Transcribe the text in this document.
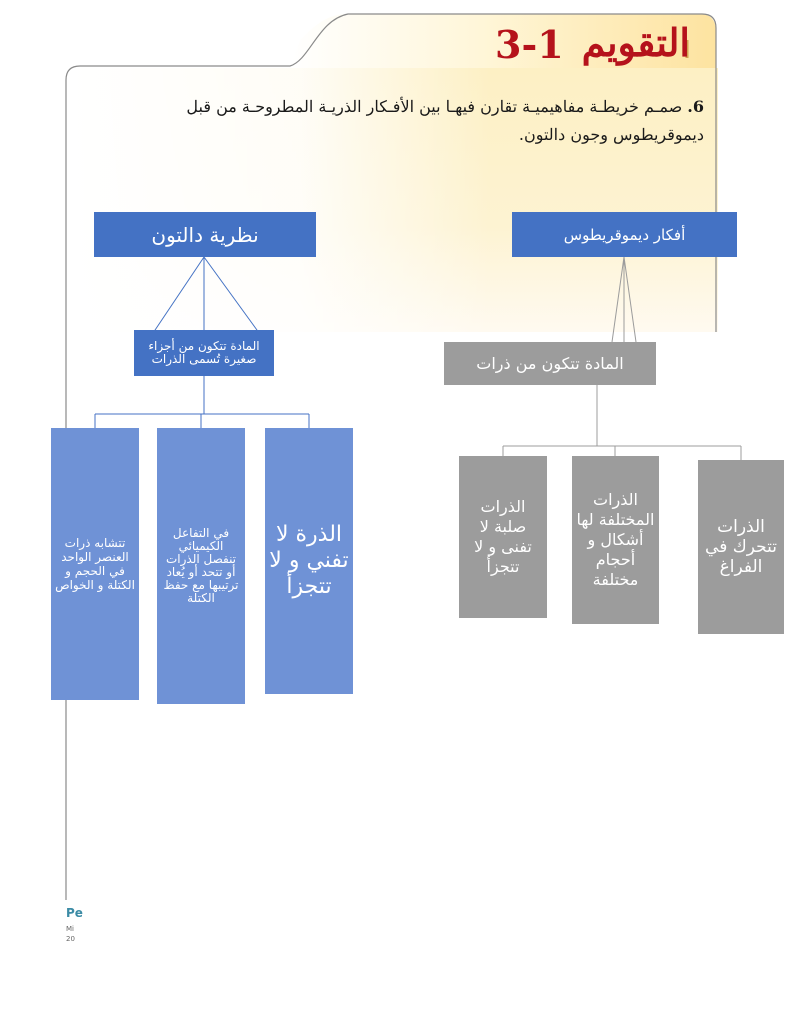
التقويم
3-1
6. صمـم خريطـة مفاهيميـة تقارن فيهـا بين الأفـكار الذريـة المطروحـة من قبل ديموقريطوس وجون دالتون.
نظرية دالتون
المادة تتكون من أجزاء صغيرة تُسمى الذرات
تتشابه ذرات العنصر الواحد في الحجم و الكتلة و الخواص
في التفاعل الكيميائي تنفصل الذرات أو تتحد أو يُعاد ترتيبها مع حفظ الكتلة
الذرة لا تفني و لا تتجزأ
أفكار ديموقريطوس
المادة تتكون من ذرات
الذرات صلبة لا تفنى و لا تتجزأ
الذرات المختلفة لها أشكال و أحجام مختلفة
الذرات تتحرك في الفراغ
Pe
Mi
20
